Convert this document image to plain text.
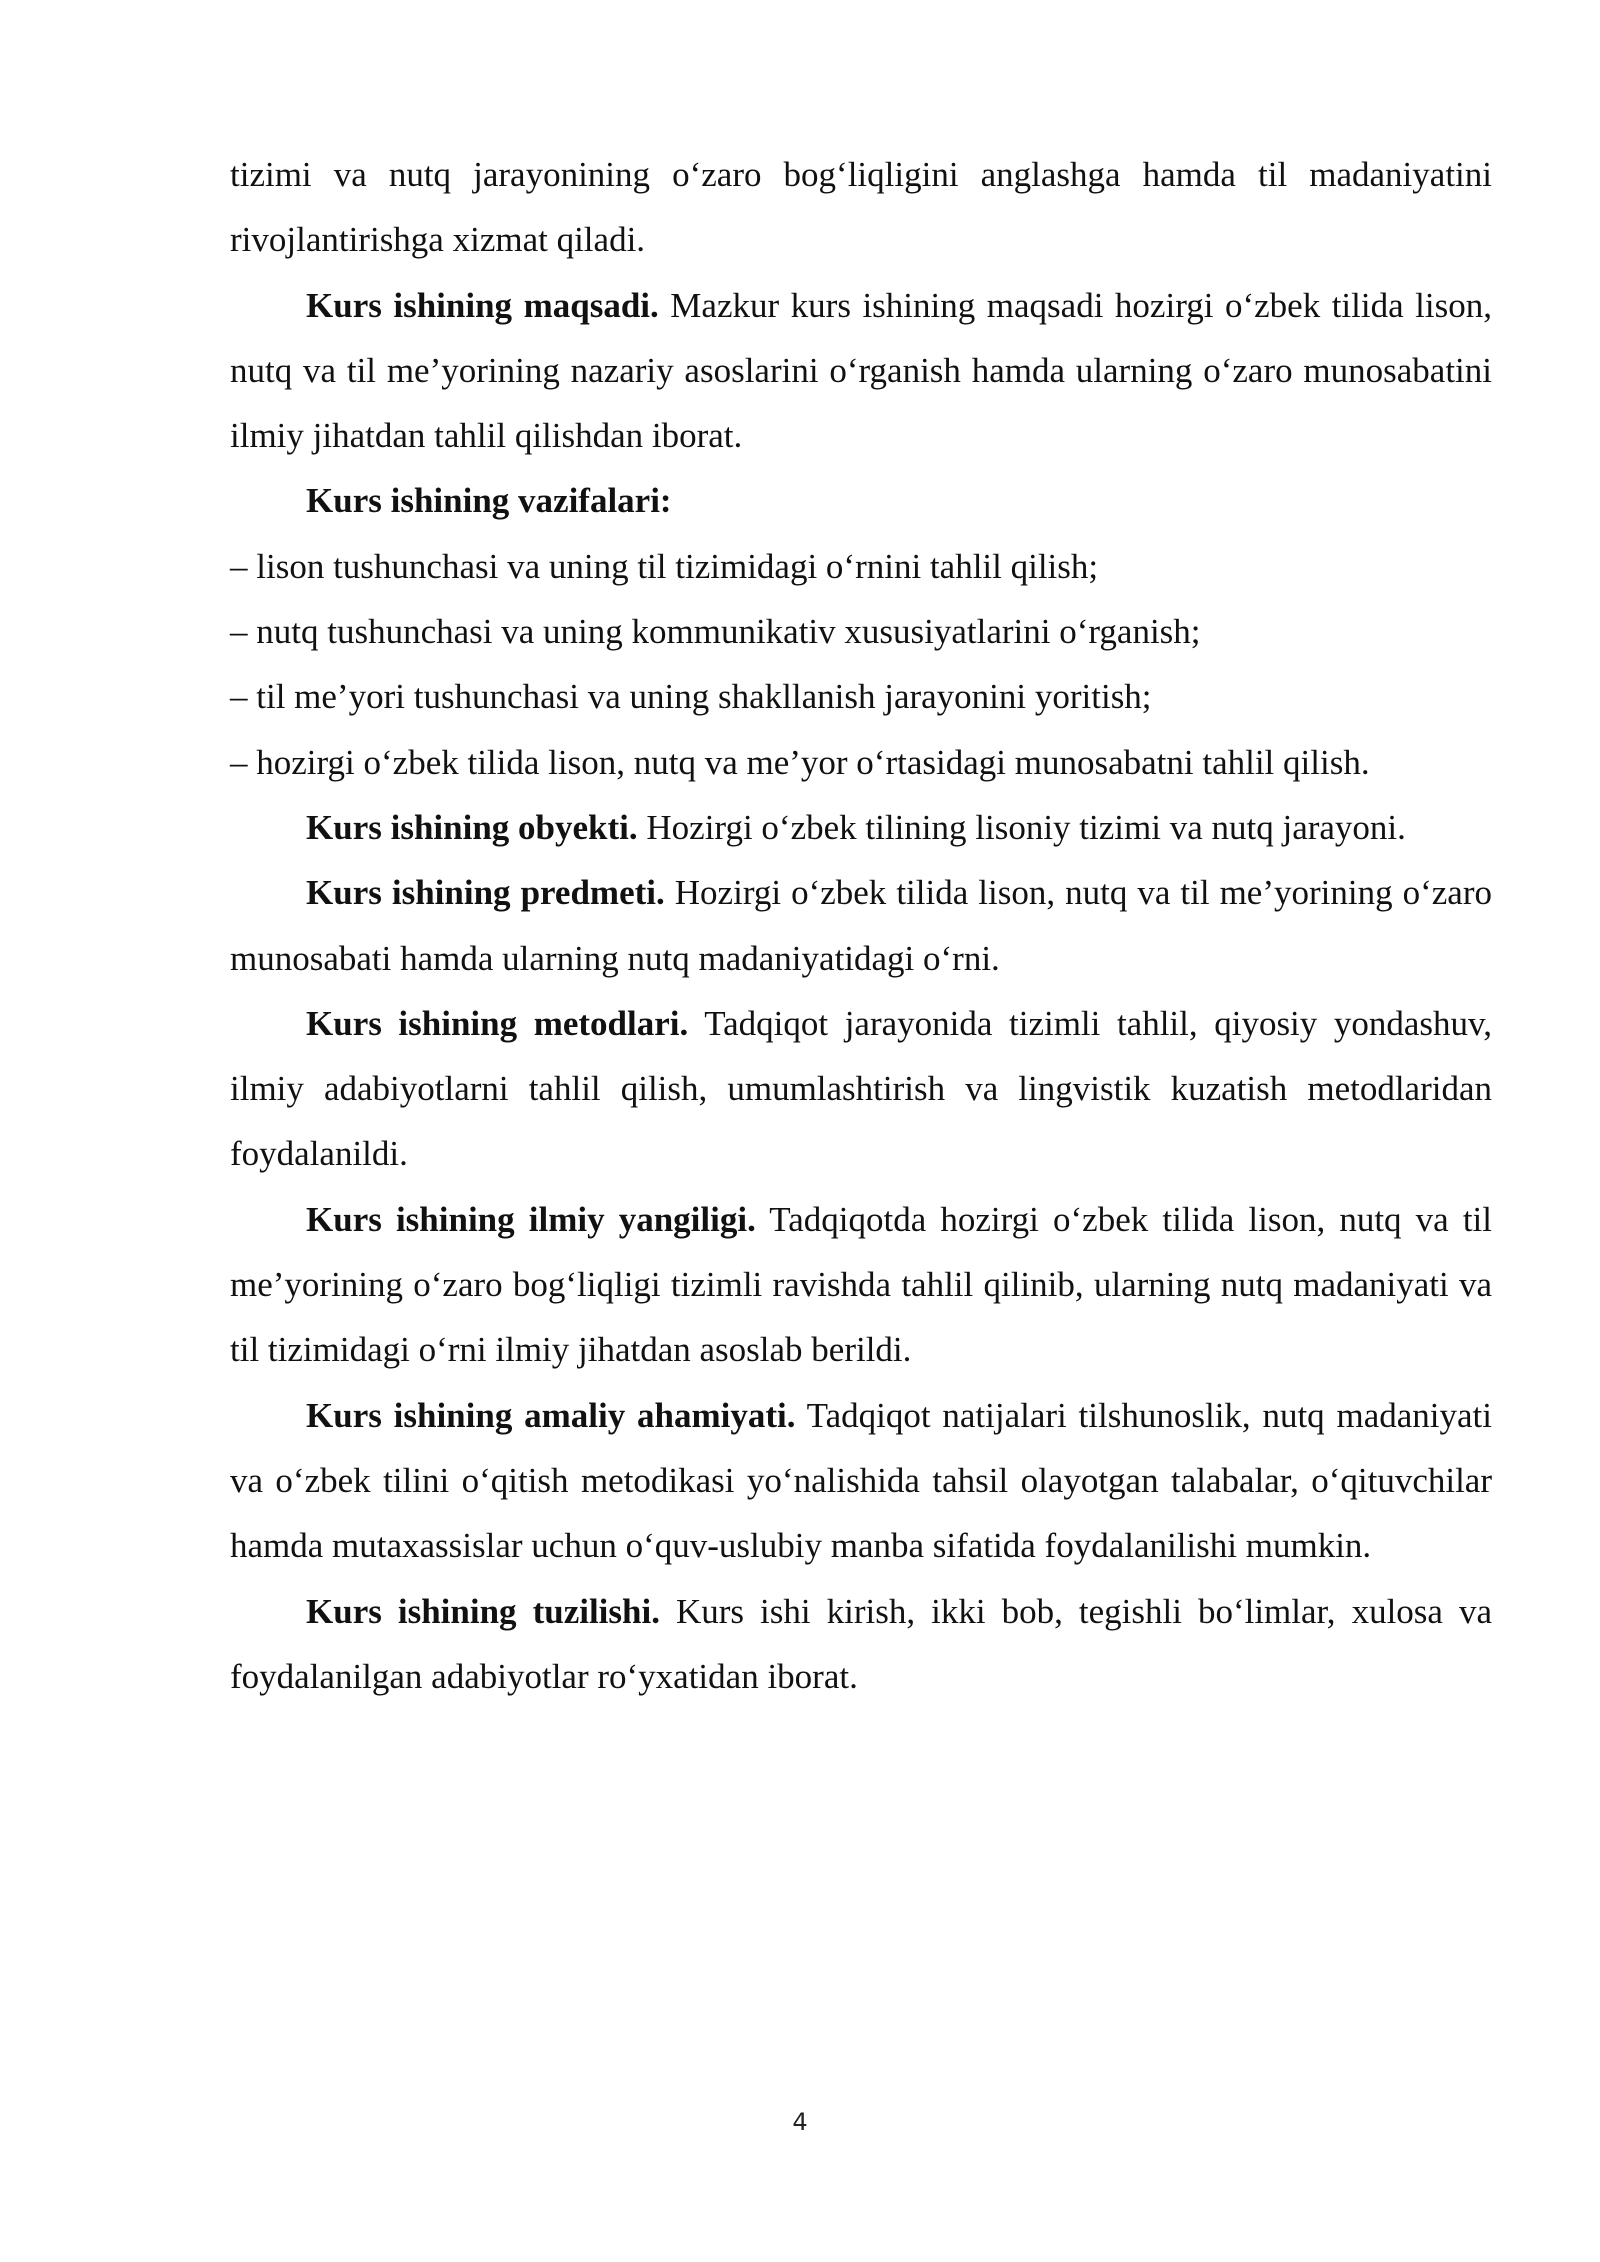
tizimi va nutq jarayonining o‘zaro bog‘liqligini anglashga hamda til madaniyatini rivojlantirishga xizmat qiladi.

Kurs ishining maqsadi. Mazkur kurs ishining maqsadi hozirgi o‘zbek tilida lison, nutq va til me’yorining nazariy asoslarini o‘rganish hamda ularning o‘zaro munosabatini ilmiy jihatdan tahlil qilishdan iborat.

Kurs ishining vazifalari:

– lison tushunchasi va uning til tizimidagi o‘rnini tahlil qilish;

– nutq tushunchasi va uning kommunikativ xususiyatlarini o‘rganish;

– til me’yori tushunchasi va uning shakllanish jarayonini yoritish;

– hozirgi o‘zbek tilida lison, nutq va me’yor o‘rtasidagi munosabatni tahlil qilish.

Kurs ishining obyekti. Hozirgi o‘zbek tilining lisoniy tizimi va nutq jarayoni.

Kurs ishining predmeti. Hozirgi o‘zbek tilida lison, nutq va til me’yorining o‘zaro munosabati hamda ularning nutq madaniyatidagi o‘rni.

Kurs ishining metodlari. Tadqiqot jarayonida tizimli tahlil, qiyosiy yondashuv, ilmiy adabiyotlarni tahlil qilish, umumlashtirish va lingvistik kuzatish metodlaridan foydalanildi.

Kurs ishining ilmiy yangiligi. Tadqiqotda hozirgi o‘zbek tilida lison, nutq va til me’yorining o‘zaro bog‘liqligi tizimli ravishda tahlil qilinib, ularning nutq madaniyati va til tizimidagi o‘rni ilmiy jihatdan asoslab berildi.

Kurs ishining amaliy ahamiyati. Tadqiqot natijalari tilshunoslik, nutq madaniyati va o‘zbek tilini o‘qitish metodikasi yo‘nalishida tahsil olayotgan talabalar, o‘qituvchilar hamda mutaxassislar uchun o‘quv-uslubiy manba sifatida foydalanilishi mumkin.

Kurs ishining tuzilishi. Kurs ishi kirish, ikki bob, tegishli bo‘limlar, xulosa va foydalanilgan adabiyotlar ro‘yxatidan iborat.

4
